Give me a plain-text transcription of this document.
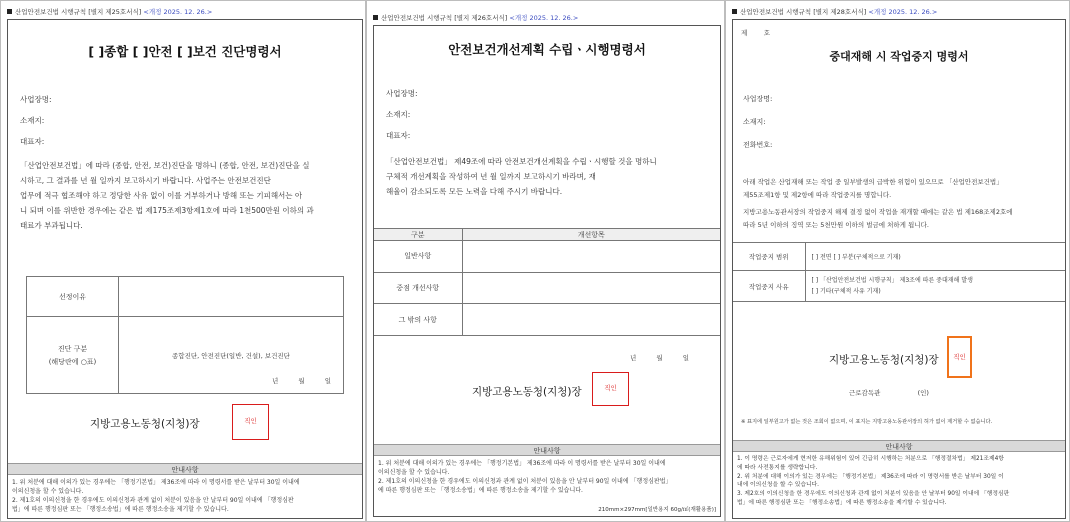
산업안전보건법 시행규칙 [별지 제25호서식] <개정 2025. 12. 26.>
[ ]종합 [ ]안전 [ ]보건 진단명령서
사업장명:
소재지:
대표자:
「산업안전보건법」에 따라 (종합, 안전, 보건)진단을 명하니 (종합, 안전, 보건)진단을 실
시하고, 그 결과를 년 월 일까지 보고하시기 바랍니다. 사업주는 안전보건진단
업무에 적극 협조해야 하고 정당한 사유 없이 이를 거부하거나 방해 또는 기피해서는 아
니 되며 이를 위반한 경우에는 같은 법 제175조제3항제1호에 따라 1천500만원 이하의 과
태료가 부과됩니다.
선정이유	

진단 구분
(해당란에 ○표)	종합진단, 안전진단(일반, 건설), 보건진단
년 월 일
지방고용노동청(지청)장	직인
안내사항
1. 위 처분에 대해 이의가 있는 경우에는 「행정기본법」 제36조에 따라 이 명령서를 받은 날부터 30일 이내에
이의신청을 할 수 있습니다.
2. 제1호의 이의신청을 한 경우에도 이의신청과 관계 없이 처분이 있음을 안 날부터 90일 이내에 「행정심판
법」에 따른 행정심판 또는 「행정소송법」에 따른 행정소송을 제기할 수 있습니다.
산업안전보건법 시행규칙 [별지 제26호서식] <개정 2025. 12. 26.>
안전보건개선계획 수립ㆍ시행명령서
사업장명:
소재지:
대표자:
「산업안전보건법」 제49조에 따라 안전보건개선계획을 수립ㆍ시행할 것을 명하니
구체적 개선계획을 작성하여 년 월 일까지 보고하시기 바라며, 재
해율이 감소되도록 모든 노력을 다해 주시기 바랍니다.
구분	개선항목
일반사항	
중점 개선사항	
그 밖의 사항	
년 월 일
지방고용노동청(지청)장	직인
안내사항
1. 위 처분에 대해 이의가 있는 경우에는 「행정기본법」 제36조에 따라 이 명령서를 받은 날부터 30일 이내에
이의신청을 할 수 있습니다.
2. 제1호의 이의신청을 한 경우에도 이의신청과 관계 없이 처분이 있음을 안 날부터 90일 이내에 「행정심판법」
에 따른 행정심판 또는 「행정소송법」에 따른 행정소송을 제기할 수 있습니다.
210mm×297mm[일반용지 60g/㎡(재활용품)]
산업안전보건법 시행규칙 [별지 제28호서식] <개정 2025. 12. 26.>
제        호
중대재해 시 작업중지 명령서
사업장명:
소재지:
전화번호:
아래 작업은 산업재해 또는 작업 중 일부발생의 급박한 위험이 있으므로 「산업안전보건법」
제55조제1항 및 제2항에 따라 작업중지를 명합니다.
지방고용노동관서장의 작업중지 해제 결정 없이 작업을 재개할 때에는 같은 법 제168조제2호에
따라 5년 이하의 징역 또는 5천만원 이하의 벌금에 처하게 됩니다.
작업중지 범위	[ ] 전면 [ ] 부분(구체적으로 기재)
작업중지 사유	[ ] 「산업안전보건법 시행규칙」 제3조에 따른 중대재해 발생
[ ] 기타(구체적 사유 기재)
지방고용노동청(지청)장	직인
근로감독관                  (인)
※ 표지에 일부원고가 없는 것은 조회이 없으며, 이 표지는 지방고용노동관서장의 허가 없이 제거할 수 없습니다.
안내사항
1. 이 명령은 근로자에게 현저한 유해위험이 있어 긴급히 시행하는 처분으로 「행정절차법」 제21조제4항
에 따라 사전통지를 생략합니다.
2. 위 처분에 대해 이의가 있는 경우에는 「행정기본법」 제36조에 따라 이 명령서를 받은 날부터 30일 이
내에 이의신청을 할 수 있습니다.
3. 제2호의 이의신청을 한 경우에도 이의신청과 관계 없이 처분이 있음을 안 날부터 90일 이내에 「행정심판
법」에 따른 행정심판 또는 「행정소송법」에 따른 행정소송을 제기할 수 있습니다.
